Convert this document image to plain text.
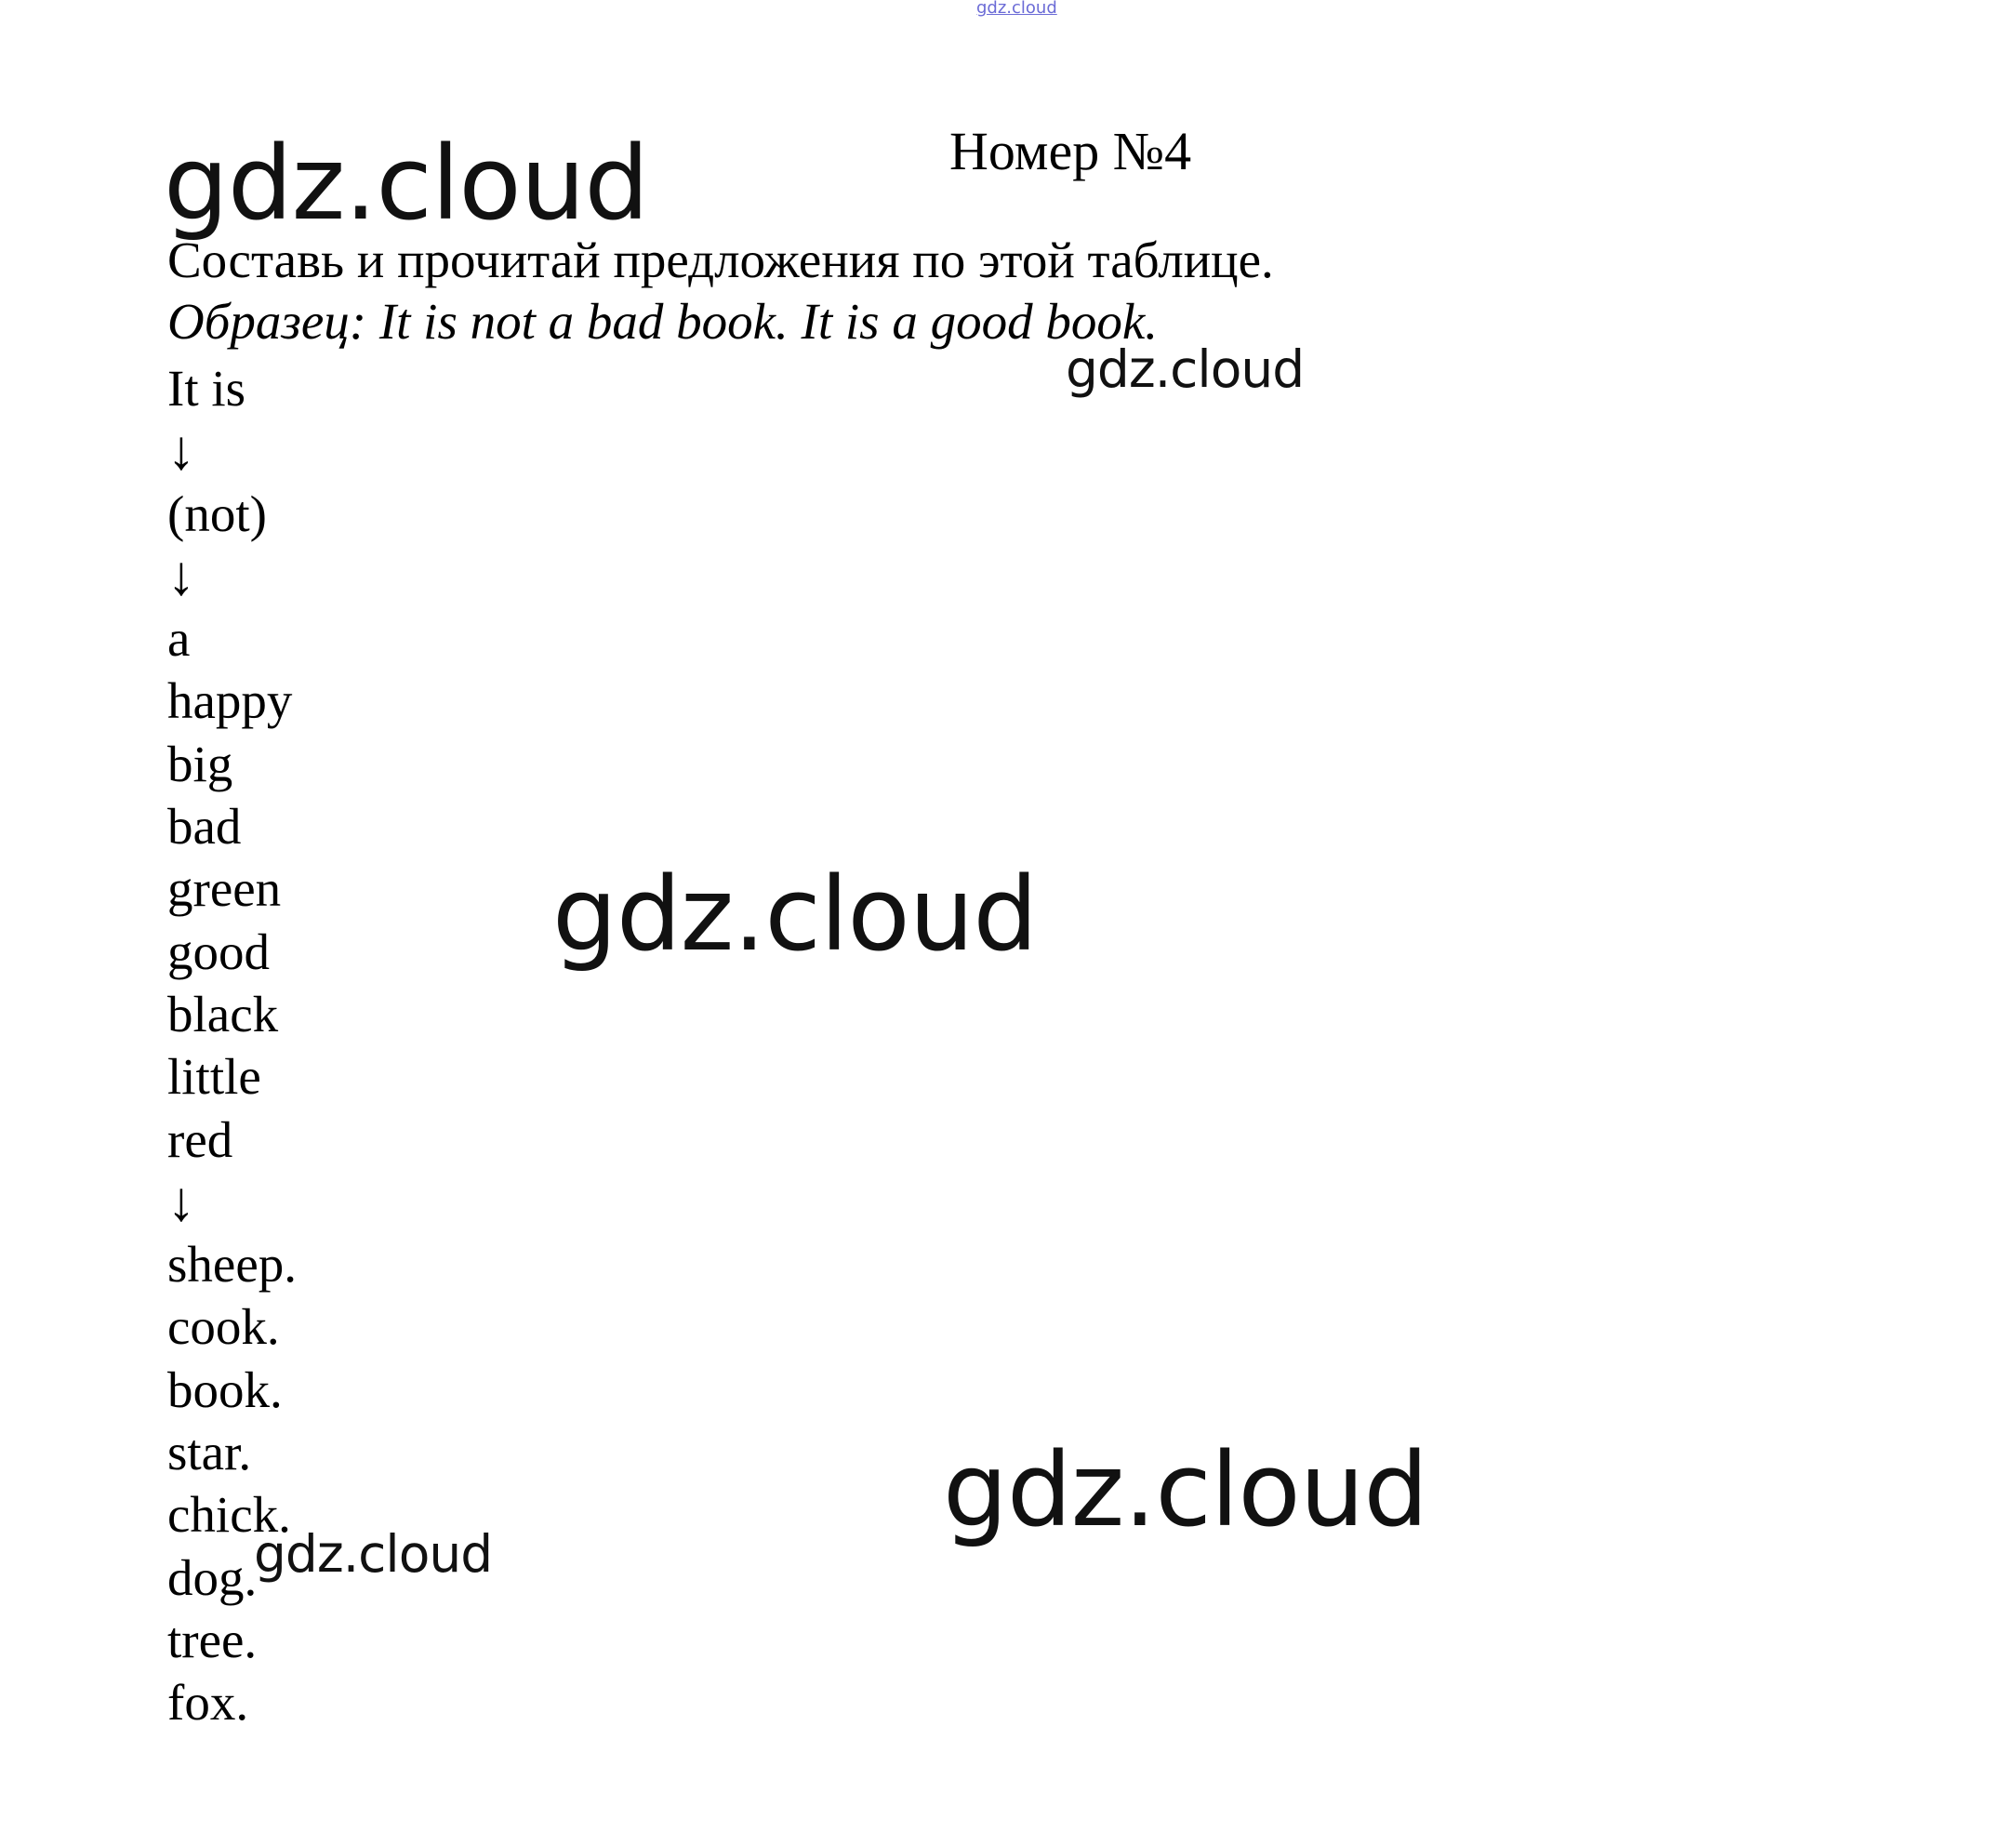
gdz.cloud
Номер №4
Составь и прочитай предложения по этой таблице.
Образец: It is not a bad book. It is a good book.
It is
↓
(not)
↓
a
happy
big
bad
green
good
black
little
red
↓
sheep.
cook.
book.
star.
chick.
dog.
tree.
fox.
gdz.cloud
gdz.cloud
gdz.cloud
gdz.cloud
gdz.cloud
